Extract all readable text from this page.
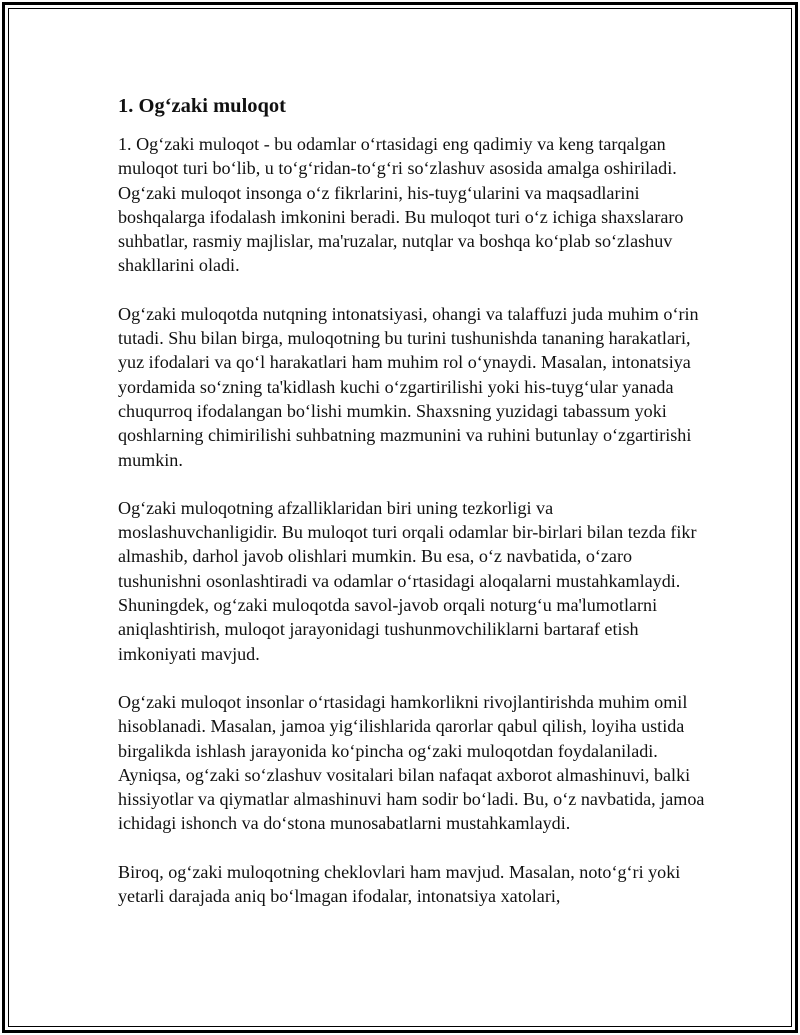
1. Og‘zaki muloqot

1. Og‘zaki muloqot - bu odamlar o‘rtasidagi eng qadimiy va keng tarqalgan muloqot turi bo‘lib, u to‘g‘ridan-to‘g‘ri so‘zlashuv asosida amalga oshiriladi. Og‘zaki muloqot insonga o‘z fikrlarini, his-tuyg‘ularini va maqsadlarini boshqalarga ifodalash imkonini beradi. Bu muloqot turi o‘z ichiga shaxslararo suhbatlar, rasmiy majlislar, ma'ruzalar, nutqlar va boshqa ko‘plab so‘zlashuv shakllarini oladi.

Og‘zaki muloqotda nutqning intonatsiyasi, ohangi va talaffuzi juda muhim o‘rin tutadi. Shu bilan birga, muloqotning bu turini tushunishda tananing harakatlari, yuz ifodalari va qo‘l harakatlari ham muhim rol o‘ynaydi. Masalan, intonatsiya yordamida so‘zning ta'kidlash kuchi o‘zgartirilishi yoki his-tuyg‘ular yanada chuqurroq ifodalangan bo‘lishi mumkin. Shaxsning yuzidagi tabassum yoki qoshlarning chimirilishi suhbatning mazmunini va ruhini butunlay o‘zgartirishi mumkin.

Og‘zaki muloqotning afzalliklaridan biri uning tezkorligi va moslashuvchanligidir. Bu muloqot turi orqali odamlar bir-birlari bilan tezda fikr almashib, darhol javob olishlari mumkin. Bu esa, o‘z navbatida, o‘zaro tushunishni osonlashtiradi va odamlar o‘rtasidagi aloqalarni mustahkamlaydi. Shuningdek, og‘zaki muloqotda savol-javob orqali noturg‘u ma'lumotlarni aniqlashtirish, muloqot jarayonidagi tushunmovchiliklarni bartaraf etish imkoniyati mavjud.

Og‘zaki muloqot insonlar o‘rtasidagi hamkorlikni rivojlantirishda muhim omil hisoblanadi. Masalan, jamoa yig‘ilishlarida qarorlar qabul qilish, loyiha ustida birgalikda ishlash jarayonida ko‘pincha og‘zaki muloqotdan foydalaniladi. Ayniqsa, og‘zaki so‘zlashuv vositalari bilan nafaqat axborot almashinuvi, balki hissiyotlar va qiymatlar almashinuvi ham sodir bo‘ladi. Bu, o‘z navbatida, jamoa ichidagi ishonch va do‘stona munosabatlarni mustahkamlaydi.

Biroq, og‘zaki muloqotning cheklovlari ham mavjud. Masalan, noto‘g‘ri yoki yetarli darajada aniq bo‘lmagan ifodalar, intonatsiya xatolari,
